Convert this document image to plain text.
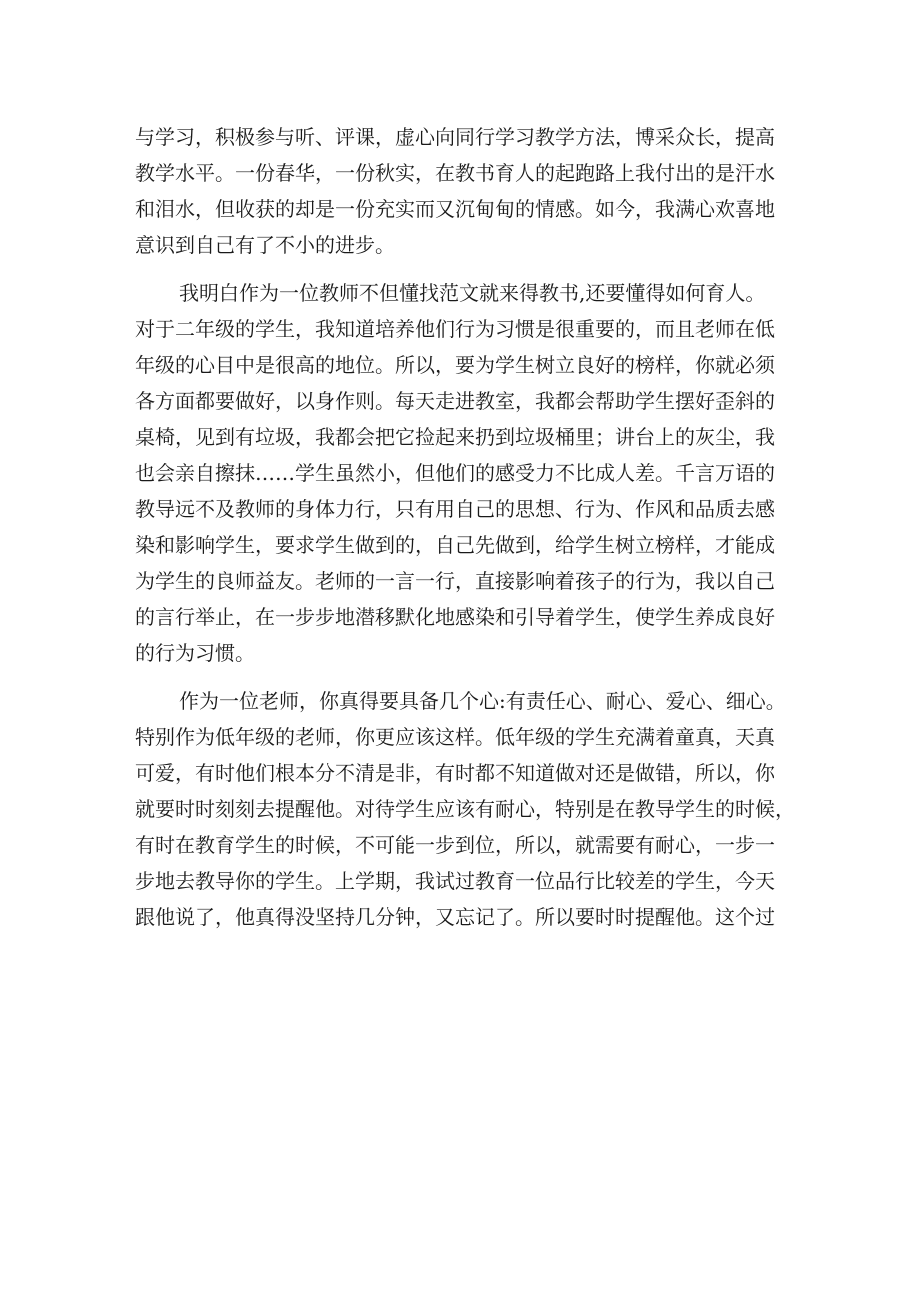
与学习，积极参与听、评课，虚心向同行学习教学方法，博采众长，提高
教学水平。一份春华，一份秋实，在教书育人的起跑路上我付出的是汗水
和泪水，但收获的却是一份充实而又沉甸甸的情感。如今，我满心欢喜地
意识到自己有了不小的进步。

我明白作为一位教师不但懂找范文就来得教书,还要懂得如何育人。
对于二年级的学生，我知道培养他们行为习惯是很重要的，而且老师在低
年级的心目中是很高的地位。所以，要为学生树立良好的榜样，你就必须
各方面都要做好，以身作则。每天走进教室，我都会帮助学生摆好歪斜的
桌椅，见到有垃圾，我都会把它捡起来扔到垃圾桶里；讲台上的灰尘，我
也会亲自擦抹……学生虽然小，但他们的感受力不比成人差。千言万语的
教导远不及教师的身体力行，只有用自己的思想、行为、作风和品质去感
染和影响学生，要求学生做到的，自己先做到，给学生树立榜样，才能成
为学生的良师益友。老师的一言一行，直接影响着孩子的行为，我以自己
的言行举止，在一步步地潜移默化地感染和引导着学生，使学生养成良好
的行为习惯。

作为一位老师，你真得要具备几个心:有责任心、耐心、爱心、细心。
特别作为低年级的老师，你更应该这样。低年级的学生充满着童真，天真
可爱，有时他们根本分不清是非，有时都不知道做对还是做错，所以，你
就要时时刻刻去提醒他。对待学生应该有耐心，特别是在教导学生的时候，
有时在教育学生的时候，不可能一步到位，所以，就需要有耐心，一步一
步地去教导你的学生。上学期，我试过教育一位品行比较差的学生，今天
跟他说了，他真得没坚持几分钟，又忘记了。所以要时时提醒他。这个过
